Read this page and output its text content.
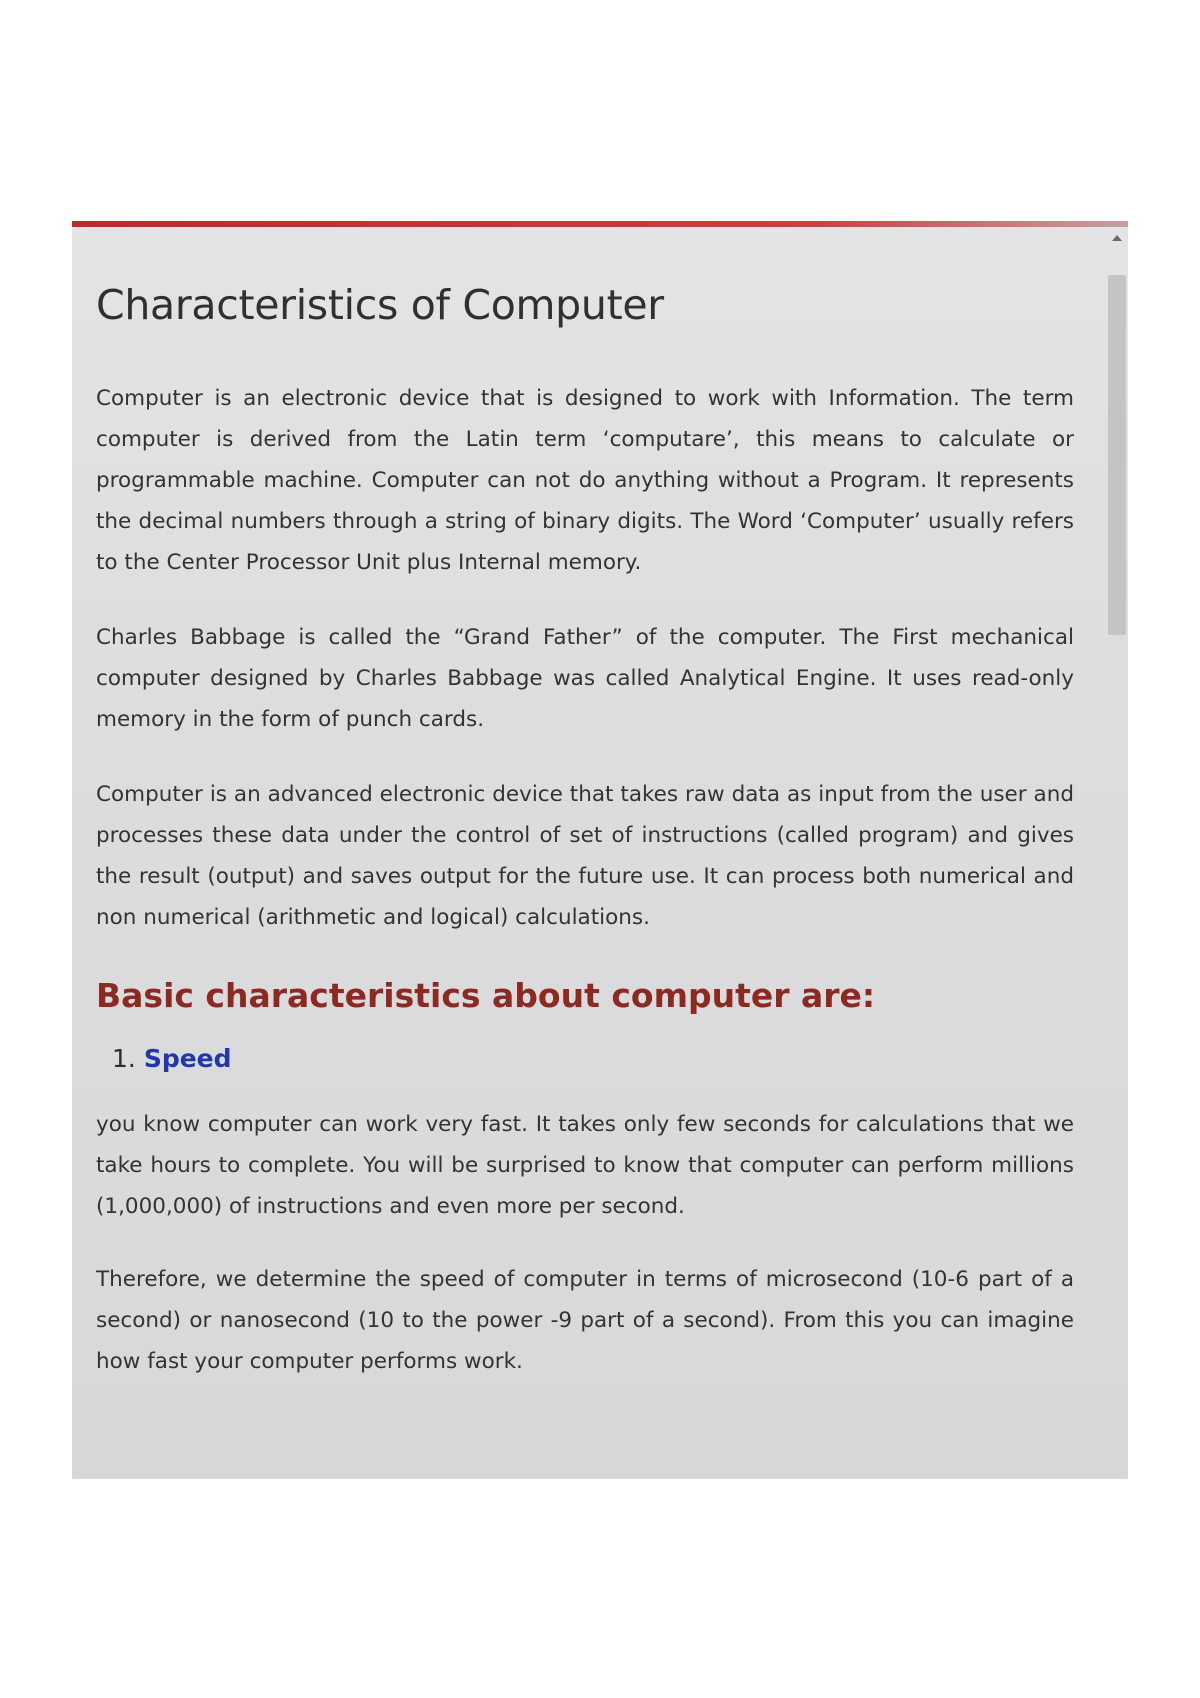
Characteristics of Computer

Computer is an electronic device that is designed to work with Information. The term computer is derived from the Latin term ‘computare’, this means to calculate or programmable machine. Computer can not do anything without a Program. It represents the decimal numbers through a string of binary digits. The Word ‘Computer’ usually refers to the Center Processor Unit plus Internal memory.

Charles Babbage is called the “Grand Father” of the computer. The First mechanical computer designed by Charles Babbage was called Analytical Engine. It uses read-only memory in the form of punch cards.

Computer is an advanced electronic device that takes raw data as input from the user and processes these data under the control of set of instructions (called program) and gives the result (output) and saves output for the future use. It can process both numerical and non numerical (arithmetic and logical) calculations.

Basic characteristics about computer are:
1. Speed

you know computer can work very fast. It takes only few seconds for calculations that we take hours to complete. You will be surprised to know that computer can perform millions (1,000,000) of instructions and even more per second.

Therefore, we determine the speed of computer in terms of microsecond (10-6 part of a second) or nanosecond (10 to the power -9 part of a second). From this you can imagine how fast your computer performs work.
